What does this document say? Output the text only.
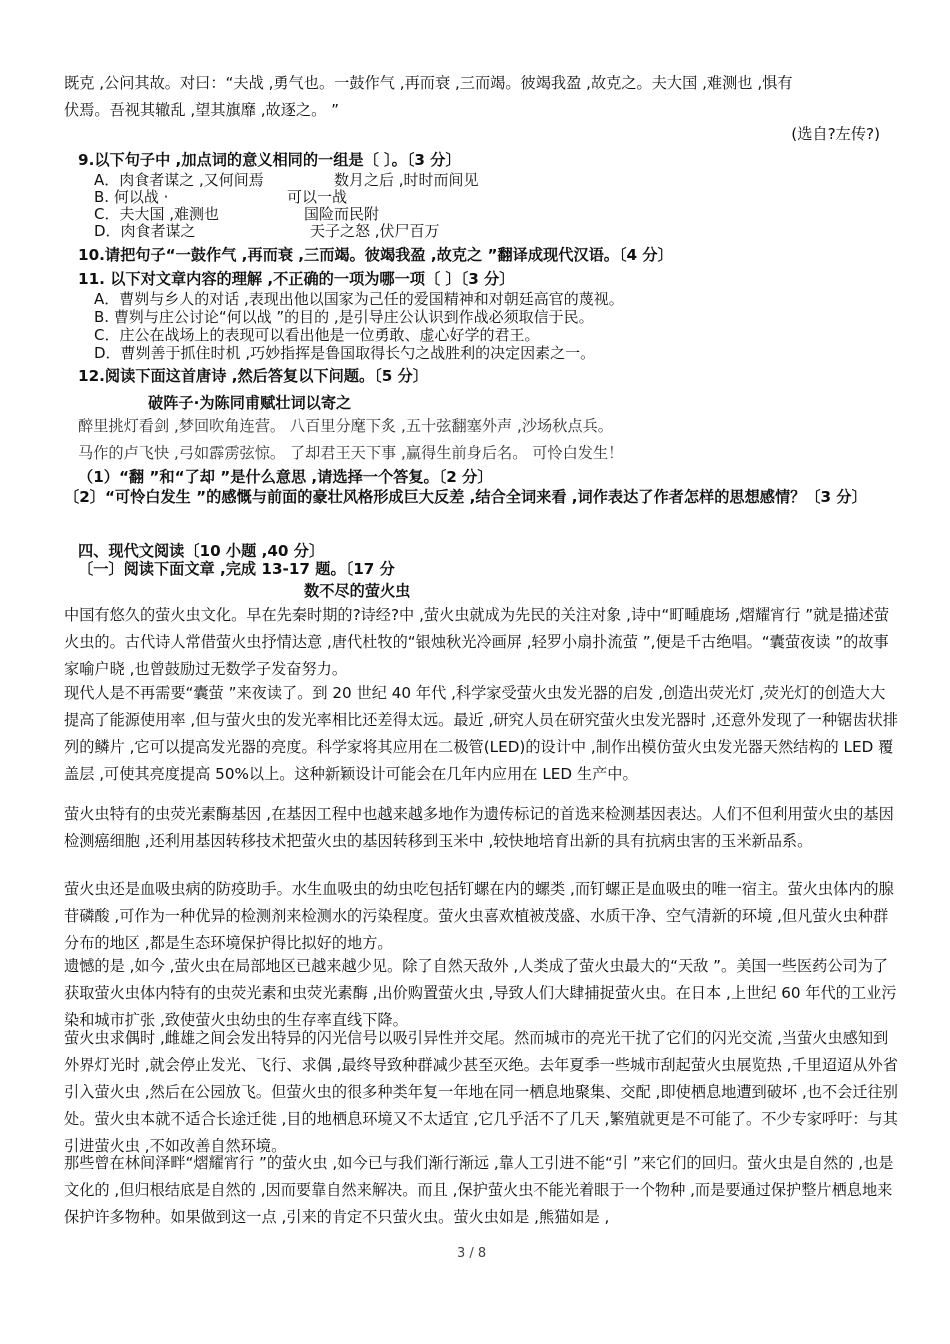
既克 ,公问其故。对曰：“夫战 ,勇气也。一鼓作气 ,再而衰 ,三而竭。彼竭我盈 ,故克之。夫大国 ,难测也 ,惧有
伏焉。吾视其辙乱 ,望其旗靡 ,故逐之。 ”
(选自?左传?)
9.以下句子中 ,加点词的意义相同的一组是〔 〕。〔3 分〕
A．肉食者谋之 ,又何间焉	数月之后 ,时时而间见
B. 何以战 ·	可以一战
C．夫大国 ,难测也	国险而民附
D．肉食者谋之	天子之怒 ,伏尸百万
10.请把句子“一鼓作气 ,再而衰 ,三而竭。彼竭我盈 ,故克之 ”翻译成现代汉语。〔4 分〕
11. 以下对文章内容的理解 ,不正确的一项为哪一项〔 〕〔3 分〕
A．曹刿与乡人的对话 ,表现出他以国家为己任的爱国精神和对朝廷高官的蔑视。
B. 曹刿与庄公讨论“何以战 ”的目的 ,是引导庄公认识到作战必须取信于民。
C．庄公在战场上的表现可以看出他是一位勇敢、虚心好学的君王。
D．曹刿善于抓住时机 ,巧妙指挥是鲁国取得长勺之战胜利的决定因素之一。
12.阅读下面这首唐诗 ,然后答复以下问题。〔5 分〕
破阵子·为陈同甫赋壮词以寄之
醉里挑灯看剑 ,梦回吹角连营。 八百里分麾下炙 ,五十弦翻塞外声 ,沙场秋点兵。
马作的卢飞快 ,弓如霹雳弦惊。 了却君王天下事 ,赢得生前身后名。 可怜白发生！
（1）“翻 ”和“了却 ”是什么意思 ,请选择一个答复。〔2 分〕
〔2〕“可怜白发生 ”的感慨与前面的豪壮风格形成巨大反差 ,结合全词来看 ,词作表达了作者怎样的思想感情？〔3 分〕
四、现代文阅读〔10 小题 ,40 分〕
〔一〕阅读下面文章 ,完成 13-17 题。〔17 分
数不尽的萤火虫
中国有悠久的萤火虫文化。早在先秦时期的?诗经?中 ,萤火虫就成为先民的关注对象 ,诗中“町畽鹿场 ,熠耀宵行 ”就是描述萤火虫的。古代诗人常借萤火虫抒情达意 ,唐代杜牧的“银烛秋光冷画屏 ,轻罗小扇扑流萤 ”,便是千古绝唱。“囊萤夜读 ”的故事家喻户晓 ,也曾鼓励过无数学子发奋努力。
现代人是不再需要“囊萤 ”来夜读了。到 20 世纪 40 年代 ,科学家受萤火虫发光器的启发 ,创造出荧光灯 ,荧光灯的创造大大提高了能源使用率 ,但与萤火虫的发光率相比还差得太远。最近 ,研究人员在研究萤火虫发光器时 ,还意外发现了一种锯齿状排列的鳞片 ,它可以提高发光器的亮度。科学家将其应用在二极管(LED)的设计中 ,制作出模仿萤火虫发光器天然结构的 LED 覆盖层 ,可使其亮度提高 50%以上。这种新颖设计可能会在几年内应用在 LED 生产中。
萤火虫特有的虫荧光素酶基因 ,在基因工程中也越来越多地作为遗传标记的首选来检测基因表达。人们不但利用萤火虫的基因检测癌细胞 ,还利用基因转移技术把萤火虫的基因转移到玉米中 ,较快地培育出新的具有抗病虫害的玉米新品系。
萤火虫还是血吸虫病的防疫助手。水生血吸虫的幼虫吃包括钉螺在内的螺类 ,而钉螺正是血吸虫的唯一宿主。萤火虫体内的腺苷磷酸 ,可作为一种优异的检测剂来检测水的污染程度。萤火虫喜欢植被茂盛、水质干净、空气清新的环境 ,但凡萤火虫种群分布的地区 ,都是生态环境保护得比拟好的地方。
遗憾的是 ,如今 ,萤火虫在局部地区已越来越少见。除了自然天敌外 ,人类成了萤火虫最大的“天敌 ”。美国一些医药公司为了获取萤火虫体内特有的虫荧光素和虫荧光素酶 ,出价购置萤火虫 ,导致人们大肆捕捉萤火虫。在日本 ,上世纪 60 年代的工业污染和城市扩张 ,致使萤火虫幼虫的生存率直线下降。
萤火虫求偶时 ,雌雄之间会发出特异的闪光信号以吸引异性并交尾。然而城市的亮光干扰了它们的闪光交流 ,当萤火虫感知到外界灯光时 ,就会停止发光、飞行、求偶 ,最终导致种群减少甚至灭绝。去年夏季一些城市刮起萤火虫展览热 ,千里迢迢从外省引入萤火虫 ,然后在公园放飞。但萤火虫的很多种类年复一年地在同一栖息地聚集、交配 ,即使栖息地遭到破坏 ,也不会迁往别处。萤火虫本就不适合长途迁徙 ,目的地栖息环境又不太适宜 ,它几乎活不了几天 ,繁殖就更是不可能了。不少专家呼吁：与其引进萤火虫 ,不如改善自然环境。
那些曾在林间泽畔“熠耀宵行 ”的萤火虫 ,如今已与我们渐行渐远 ,靠人工引进不能“引 ”来它们的回归。萤火虫是自然的 ,也是文化的 ,但归根结底是自然的 ,因而要靠自然来解决。而且 ,保护萤火虫不能光着眼于一个物种 ,而是要通过保护整片栖息地来保护许多物种。如果做到这一点 ,引来的肯定不只萤火虫。萤火虫如是 ,熊猫如是 ,
3 / 8
